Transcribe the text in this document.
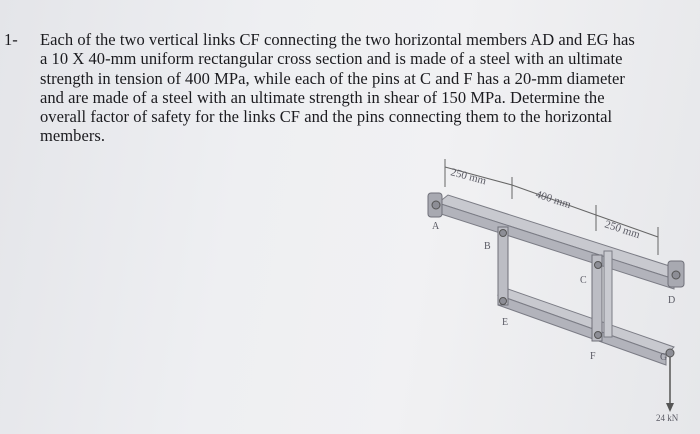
1- Each of the two vertical links CF connecting the two horizontal members AD and EG has
a 10 X 40-mm uniform rectangular cross section and is made of a steel with an ultimate
strength in tension of 400 MPa, while each of the pins at C and F has a 20-mm diameter
and are made of a steel with an ultimate strength in shear of 150 MPa. Determine the
overall factor of safety for the links CF and the pins connecting them to the horizontal
members.
250 mm
400 mm
250 mm
A
B
C
D
E
F	G
24 kN
